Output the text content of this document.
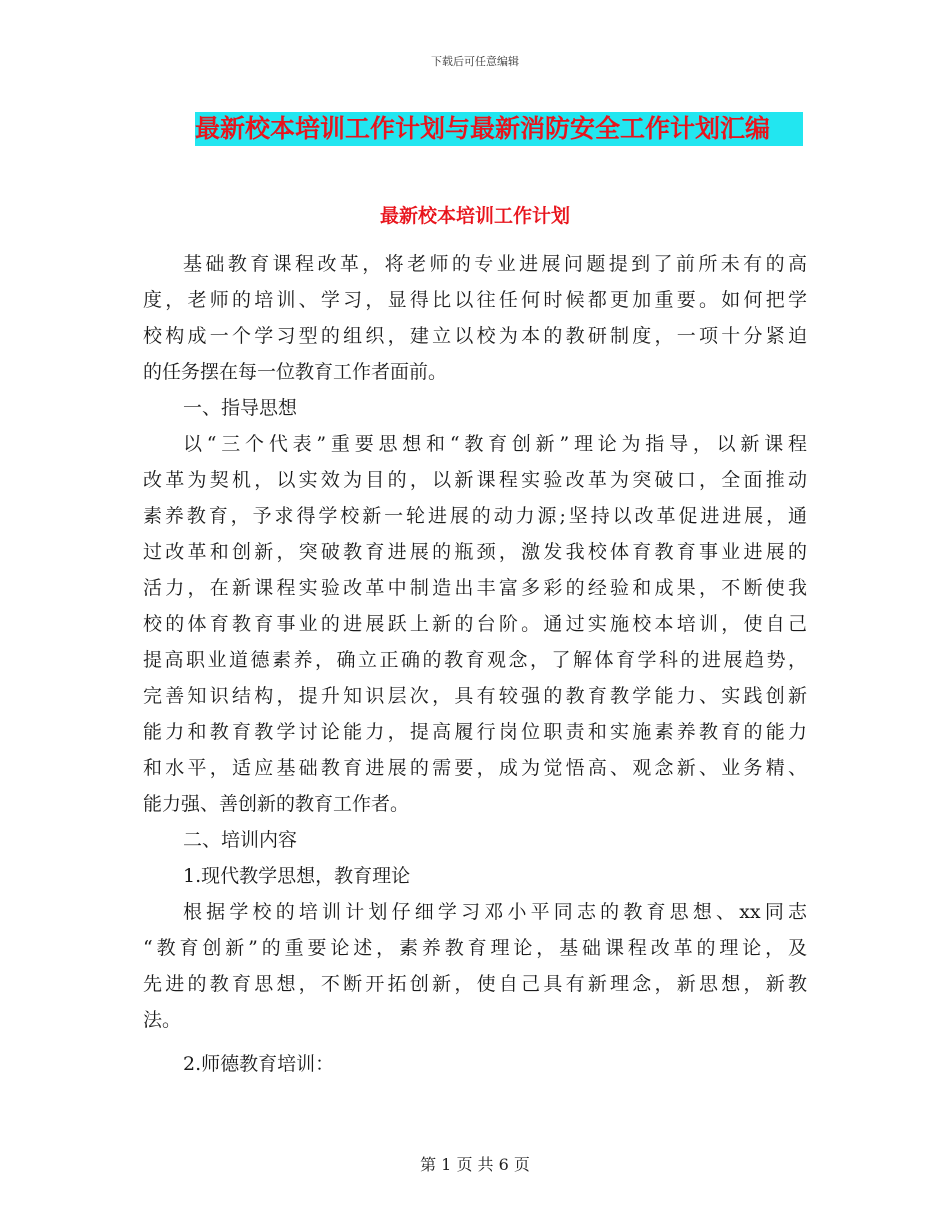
下载后可任意编辑
最新校本培训工作计划与最新消防安全工作计划汇编
最新校本培训工作计划
基础教育课程改革，将老师的专业进展问题提到了前所未有的高
度，老师的培训、学习，显得比以往任何时候都更加重要。如何把学
校构成一个学习型的组织，建立以校为本的教研制度，一项十分紧迫
的任务摆在每一位教育工作者面前。
一、指导思想
以“三个代表”重要思想和“教育创新”理论为指导，以新课程
改革为契机，以实效为目的，以新课程实验改革为突破口，全面推动
素养教育，予求得学校新一轮进展的动力源;坚持以改革促进进展，通
过改革和创新，突破教育进展的瓶颈，激发我校体育教育事业进展的
活力，在新课程实验改革中制造出丰富多彩的经验和成果，不断使我
校的体育教育事业的进展跃上新的台阶。通过实施校本培训，使自己
提高职业道德素养，确立正确的教育观念，了解体育学科的进展趋势，
完善知识结构，提升知识层次，具有较强的教育教学能力、实践创新
能力和教育教学讨论能力，提高履行岗位职责和实施素养教育的能力
和水平，适应基础教育进展的需要，成为觉悟高、观念新、业务精、
能力强、善创新的教育工作者。
二、培训内容
1.现代教学思想，教育理论
根据学校的培训计划仔细学习邓小平同志的教育思想、xx同志
“教育创新”的重要论述，素养教育理论，基础课程改革的理论，及
先进的教育思想，不断开拓创新，使自己具有新理念，新思想，新教
法。
2.师德教育培训：
第 1 页 共 6 页
